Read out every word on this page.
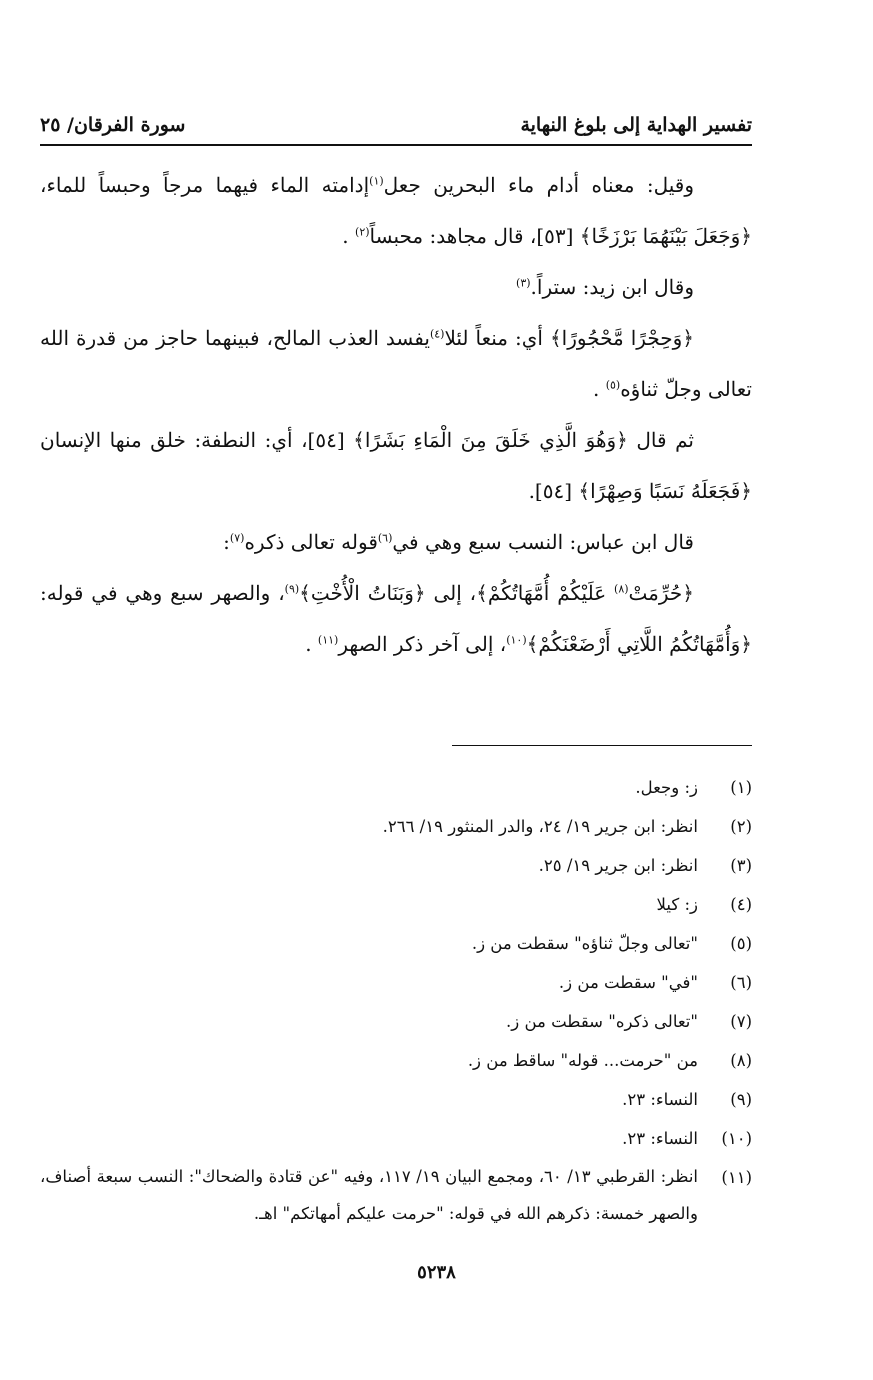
تفسير الهداية إلى بلوغ النهاية
سورة الفرقان/ ٢٥

وقيل: معناه أدام ماء البحرين جعل$^{(١)}$إدامته الماء فيهما مرجاً وحبساً للماء، ﴿وَجَعَلَ بَيْنَهُمَا بَرْزَخًا﴾ [٥٣]، قال مجاهد: محبساً$^{(٢)}$ .

وقال ابن زيد: ستراً.$^{(٣)}$

﴿وَحِجْرًا مَّحْجُورًا﴾ أي: منعاً لئلا$^{(٤)}$يفسد العذب المالح، فبينهما حاجز من قدرة الله تعالى وجلّ ثناؤه$^{(٥)}$ .

ثم قال ﴿وَهُوَ الَّذِي خَلَقَ مِنَ الْمَاءِ بَشَرًا﴾ [٥٤]، أي: النطفة: خلق منها الإنسان ﴿فَجَعَلَهُ نَسَبًا وَصِهْرًا﴾ [٥٤].

قال ابن عباس: النسب سبع وهي في$^{(٦)}$قوله تعالى ذكره$^{(٧)}$:

﴿حُرِّمَتْ$^{(٨)}$ عَلَيْكُمْ أُمَّهَاتُكُمْ﴾، إلى ﴿وَبَنَاتُ الْأُخْتِ﴾$^{(٩)}$، والصهر سبع وهي في قوله: ﴿وَأُمَّهَاتُكُمُ اللَّاتِي أَرْضَعْنَكُمْ﴾$^{(١٠)}$، إلى آخر ذكر الصهر$^{(١١)}$ .

(١)
ز: وجعل.
(٢)
انظر: ابن جرير ١٩/ ٢٤، والدر المنثور ١٩/ ٢٦٦.
(٣)
انظر: ابن جرير ١٩/ ٢٥.
(٤)
ز: كيلا
(٥)
"تعالى وجلّ ثناؤه" سقطت من ز.
(٦)
"في" سقطت من ز.
(٧)
"تعالى ذكره" سقطت من ز.
(٨)
من "حرمت... قوله" ساقط من ز.
(٩)
النساء: ٢٣.
(١٠)
النساء: ٢٣.
(١١)
انظر: القرطبي ١٣/ ٦٠، ومجمع البيان ١٩/ ١١٧، وفيه "عن قتادة والضحاك": النسب سبعة أصناف، والصهر خمسة: ذكرهم الله في قوله: "حرمت عليكم أمهاتكم" اهـ.
٥٢٣٨
